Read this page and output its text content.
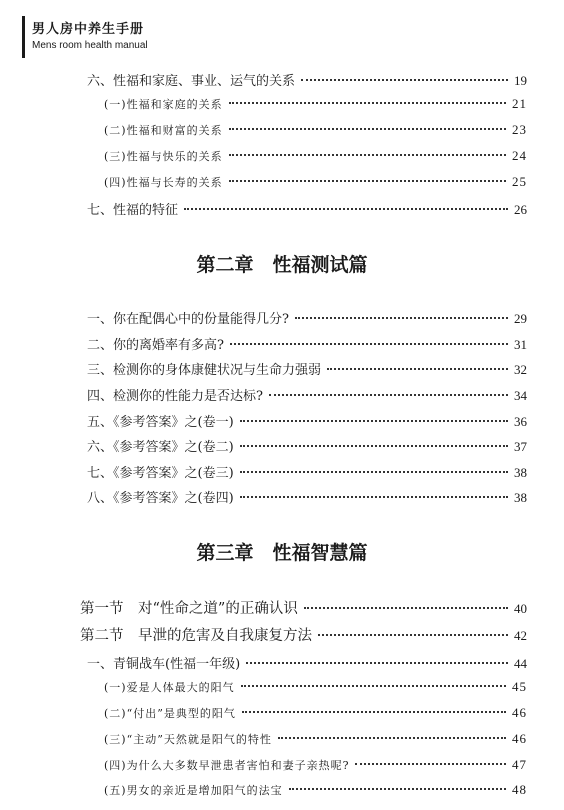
男人房中养生手册
Mens room health manual
六、性福和家庭、事业、运气的关系	19
(一)性福和家庭的关系	21
(二)性福和财富的关系	23
(三)性福与快乐的关系	24
(四)性福与长寿的关系	25
七、性福的特征	26
第二章　性福测试篇
一、你在配偶心中的份量能得几分?	29
二、你的离婚率有多高?	31
三、检测你的身体康健状况与生命力强弱	32
四、检测你的性能力是否达标?	34
五、《参考答案》之(卷一)	36
六、《参考答案》之(卷二)	37
七、《参考答案》之(卷三)	38
八、《参考答案》之(卷四)	38
第三章　性福智慧篇
第一节　对“性命之道”的正确认识	40
第二节　早泄的危害及自我康复方法	42
一、青铜战车(性福一年级)	44
(一)爱是人体最大的阳气	45
(二)“付出”是典型的阳气	46
(三)“主动”天然就是阳气的特性	46
(四)为什么大多数早泄患者害怕和妻子亲热呢?	47
(五)男女的亲近是增加阳气的法宝	48
